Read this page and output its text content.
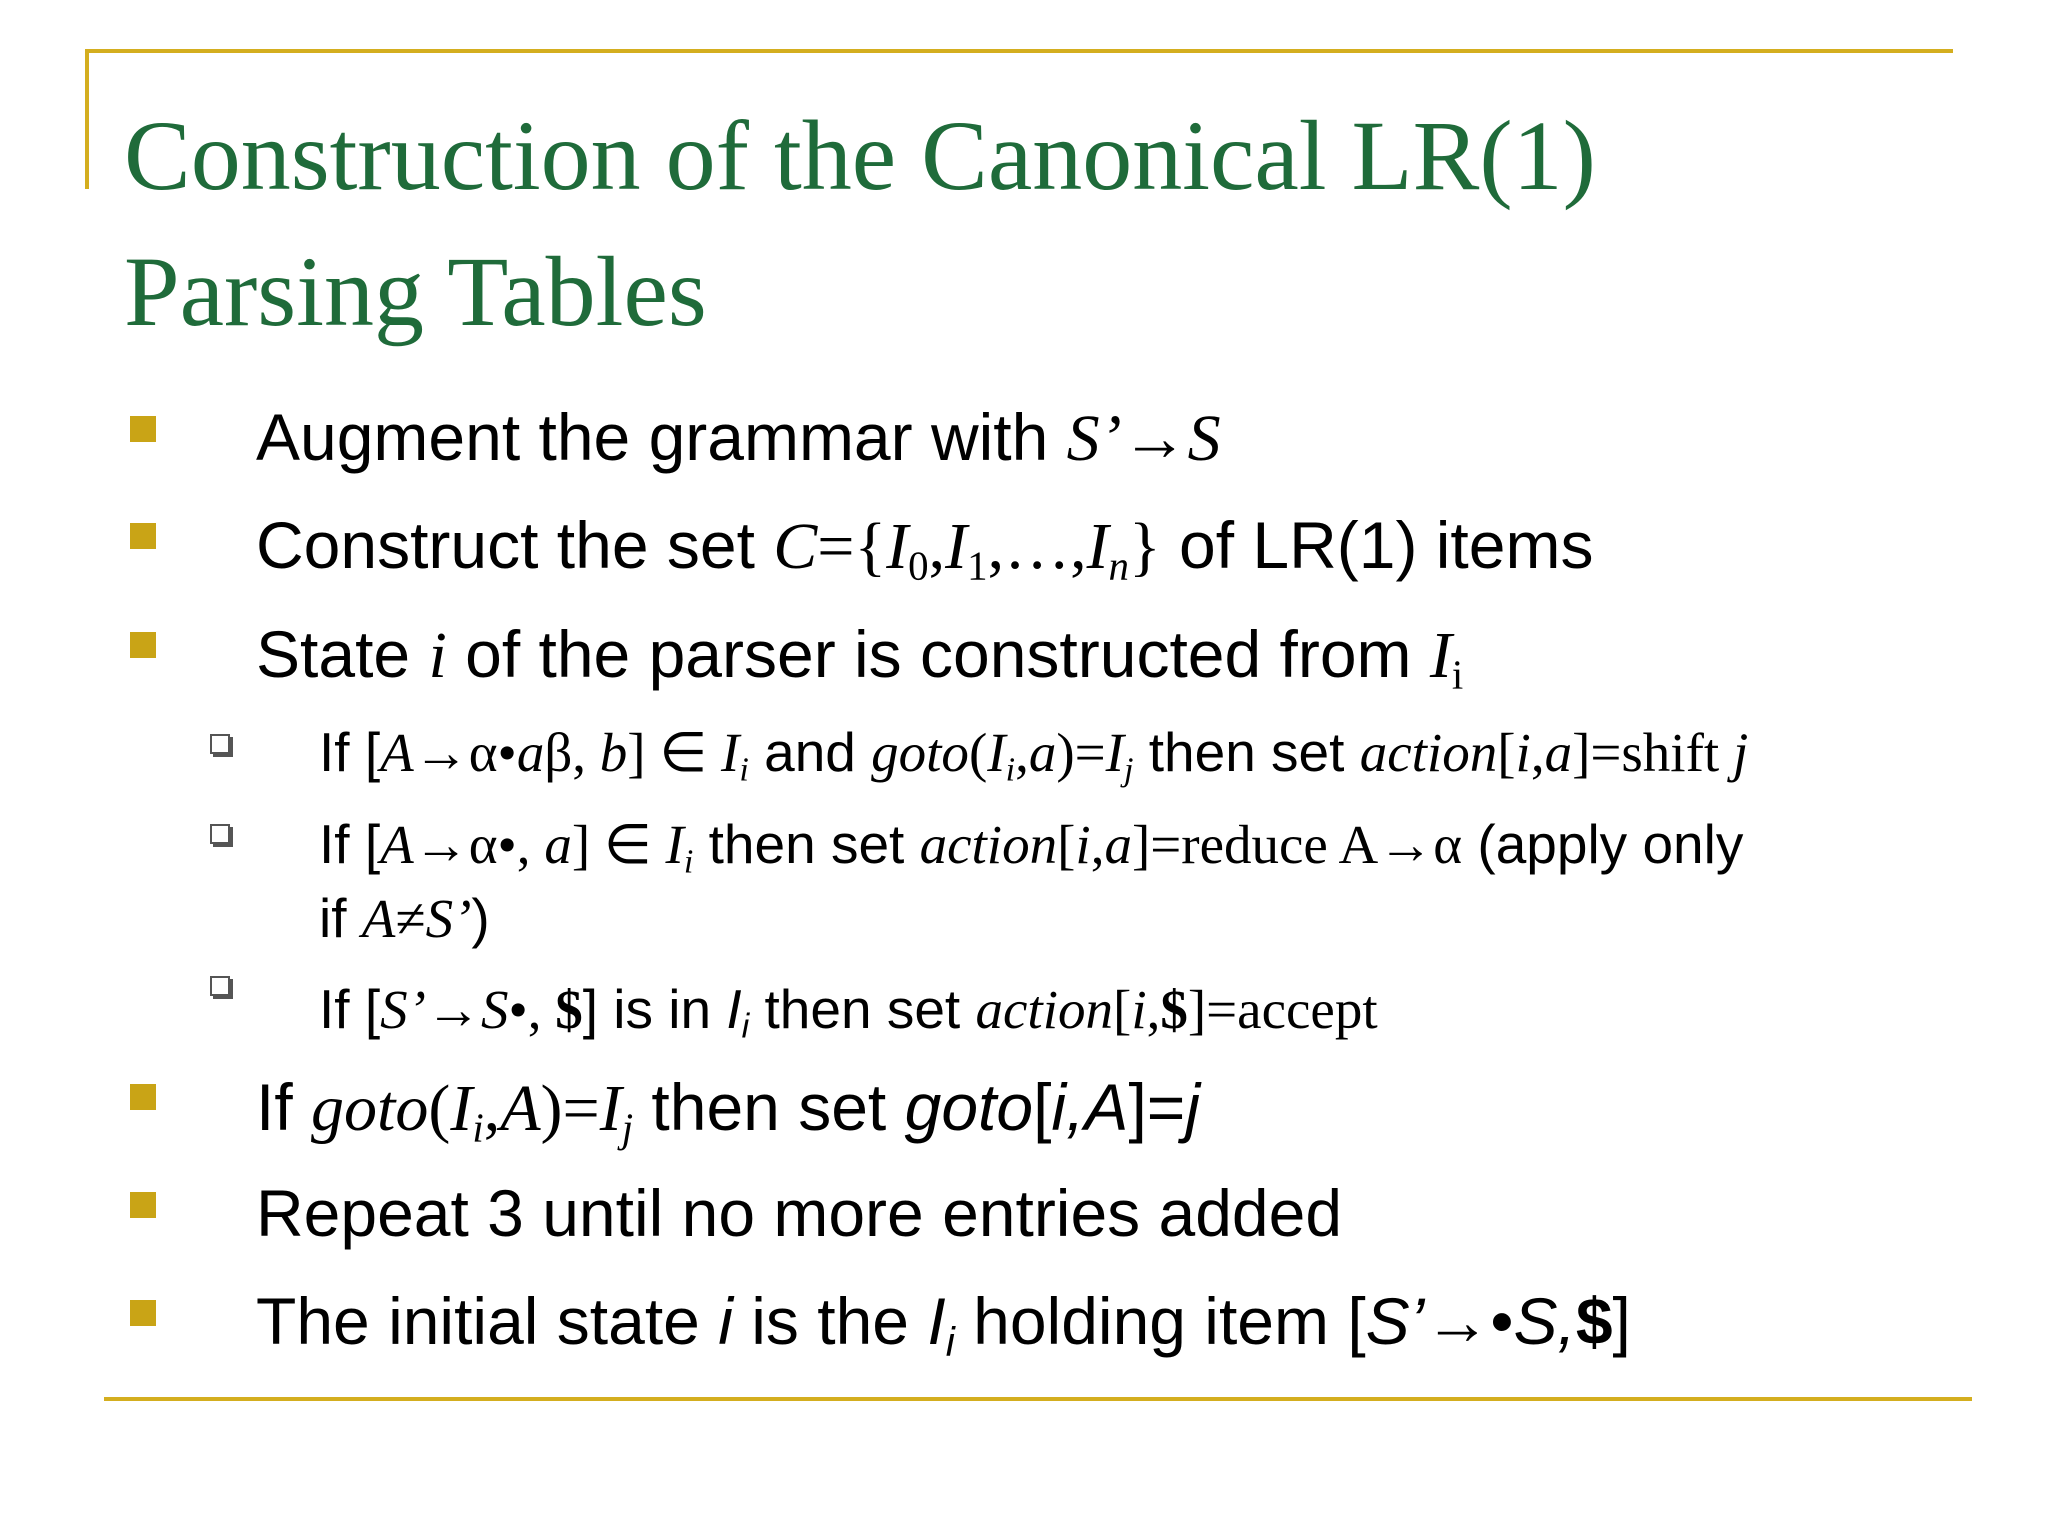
Construction of the Canonical LR(1)
Parsing Tables
Augment the grammar with S’→S
Construct the set $C=\{I_0,I_1,\dots,I_n\}$ of LR(1) items
State i of the parser is constructed from $I_i$
If [A→α•aβ, b] ∈ $I_i$ and $goto(I_i,a)=I_j$ then set action[i,a]=shift j
If [A→α•, a] ∈ $I_i$ then set action[i,a]=reduce A→α (apply only
if A≠S’)
If [S’→S•, $] is in $I_i$ then set action[i,$]=accept
If $goto(I_i,A)=I_j$ then set goto[i,A]=j
Repeat 3 until no more entries added
The initial state i is the $I_i$ holding item [S’→•S,$]
